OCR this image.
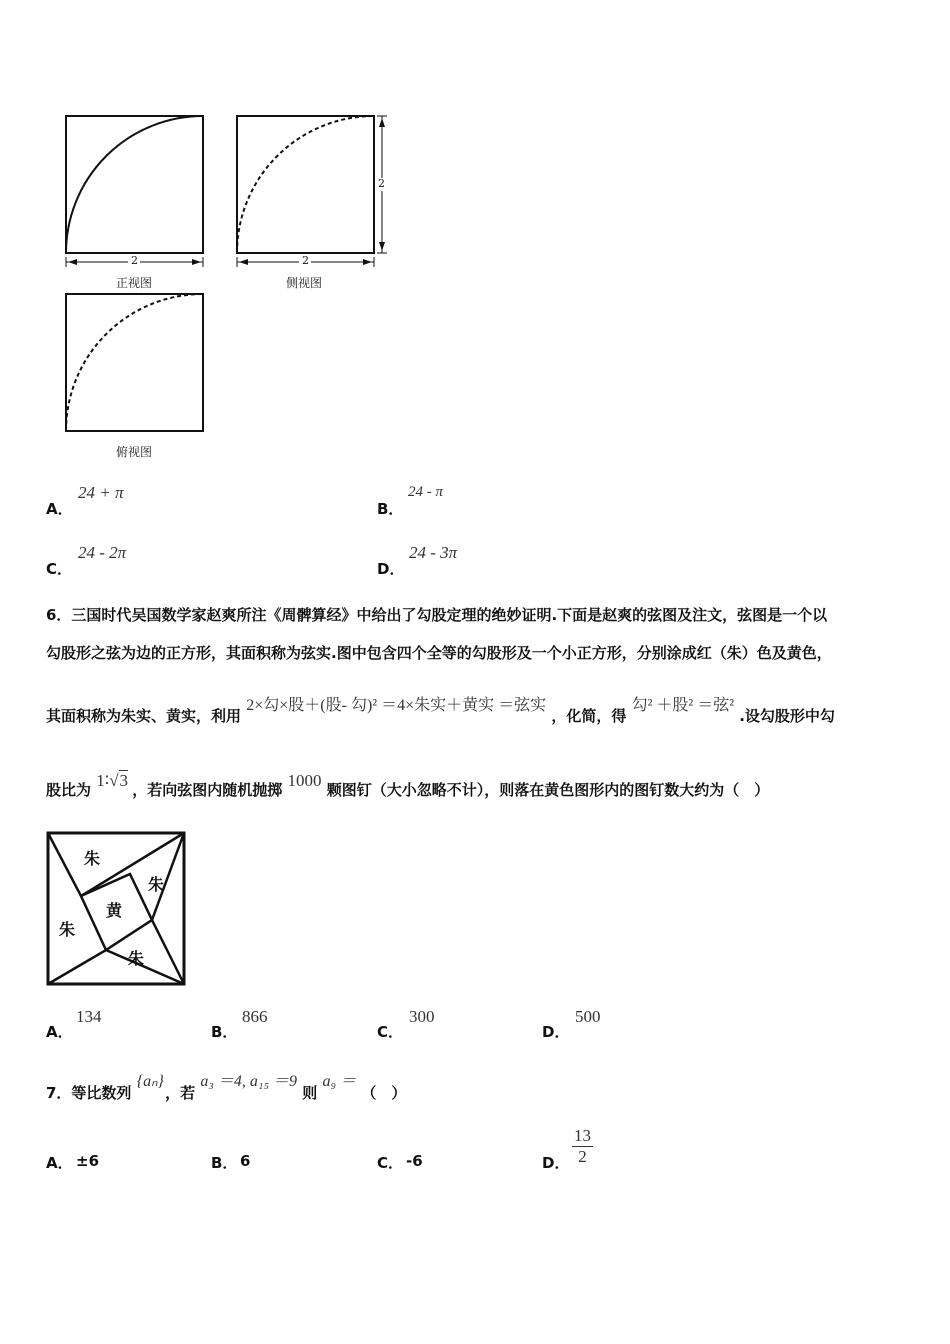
2	2
2
正视图	侧视图
俯视图
A．
24 + π
B．
24 - π
C．
24 - 2π
D．
24 - 3π
6．三国时代吴国数学家赵爽所注《周髀算经》中给出了勾股定理的绝妙证明.下面是赵爽的弦图及注文，弦图是一个以
勾股形之弦为边的正方形，其面积称为弦实.图中包含四个全等的勾股形及一个小正方形，分别涂成红（朱）色及黄色，
其面积称为朱实、黄实，利用 2×勾×股＋(股- 勾)² ＝4×朱实＋黄实 ＝弦实 ，化简，得 勾² ＋股² ＝弦² .设勾股形中勾
股比为 1∶√3 ，若向弦图内随机抛掷 1000 颗图钉（大小忽略不计），则落在黄色图形内的图钉数大约为（　）
朱
朱
黄
朱
朱
A．
134
B．
866
C．
300
D．
500
7．等比数列 {aₙ} ，若 a₃ ＝4, a₁₅ ＝9 则 a₉ ＝ （　）
A． ±6	B． 6	C． -6	D． $\frac{13}{2}$
